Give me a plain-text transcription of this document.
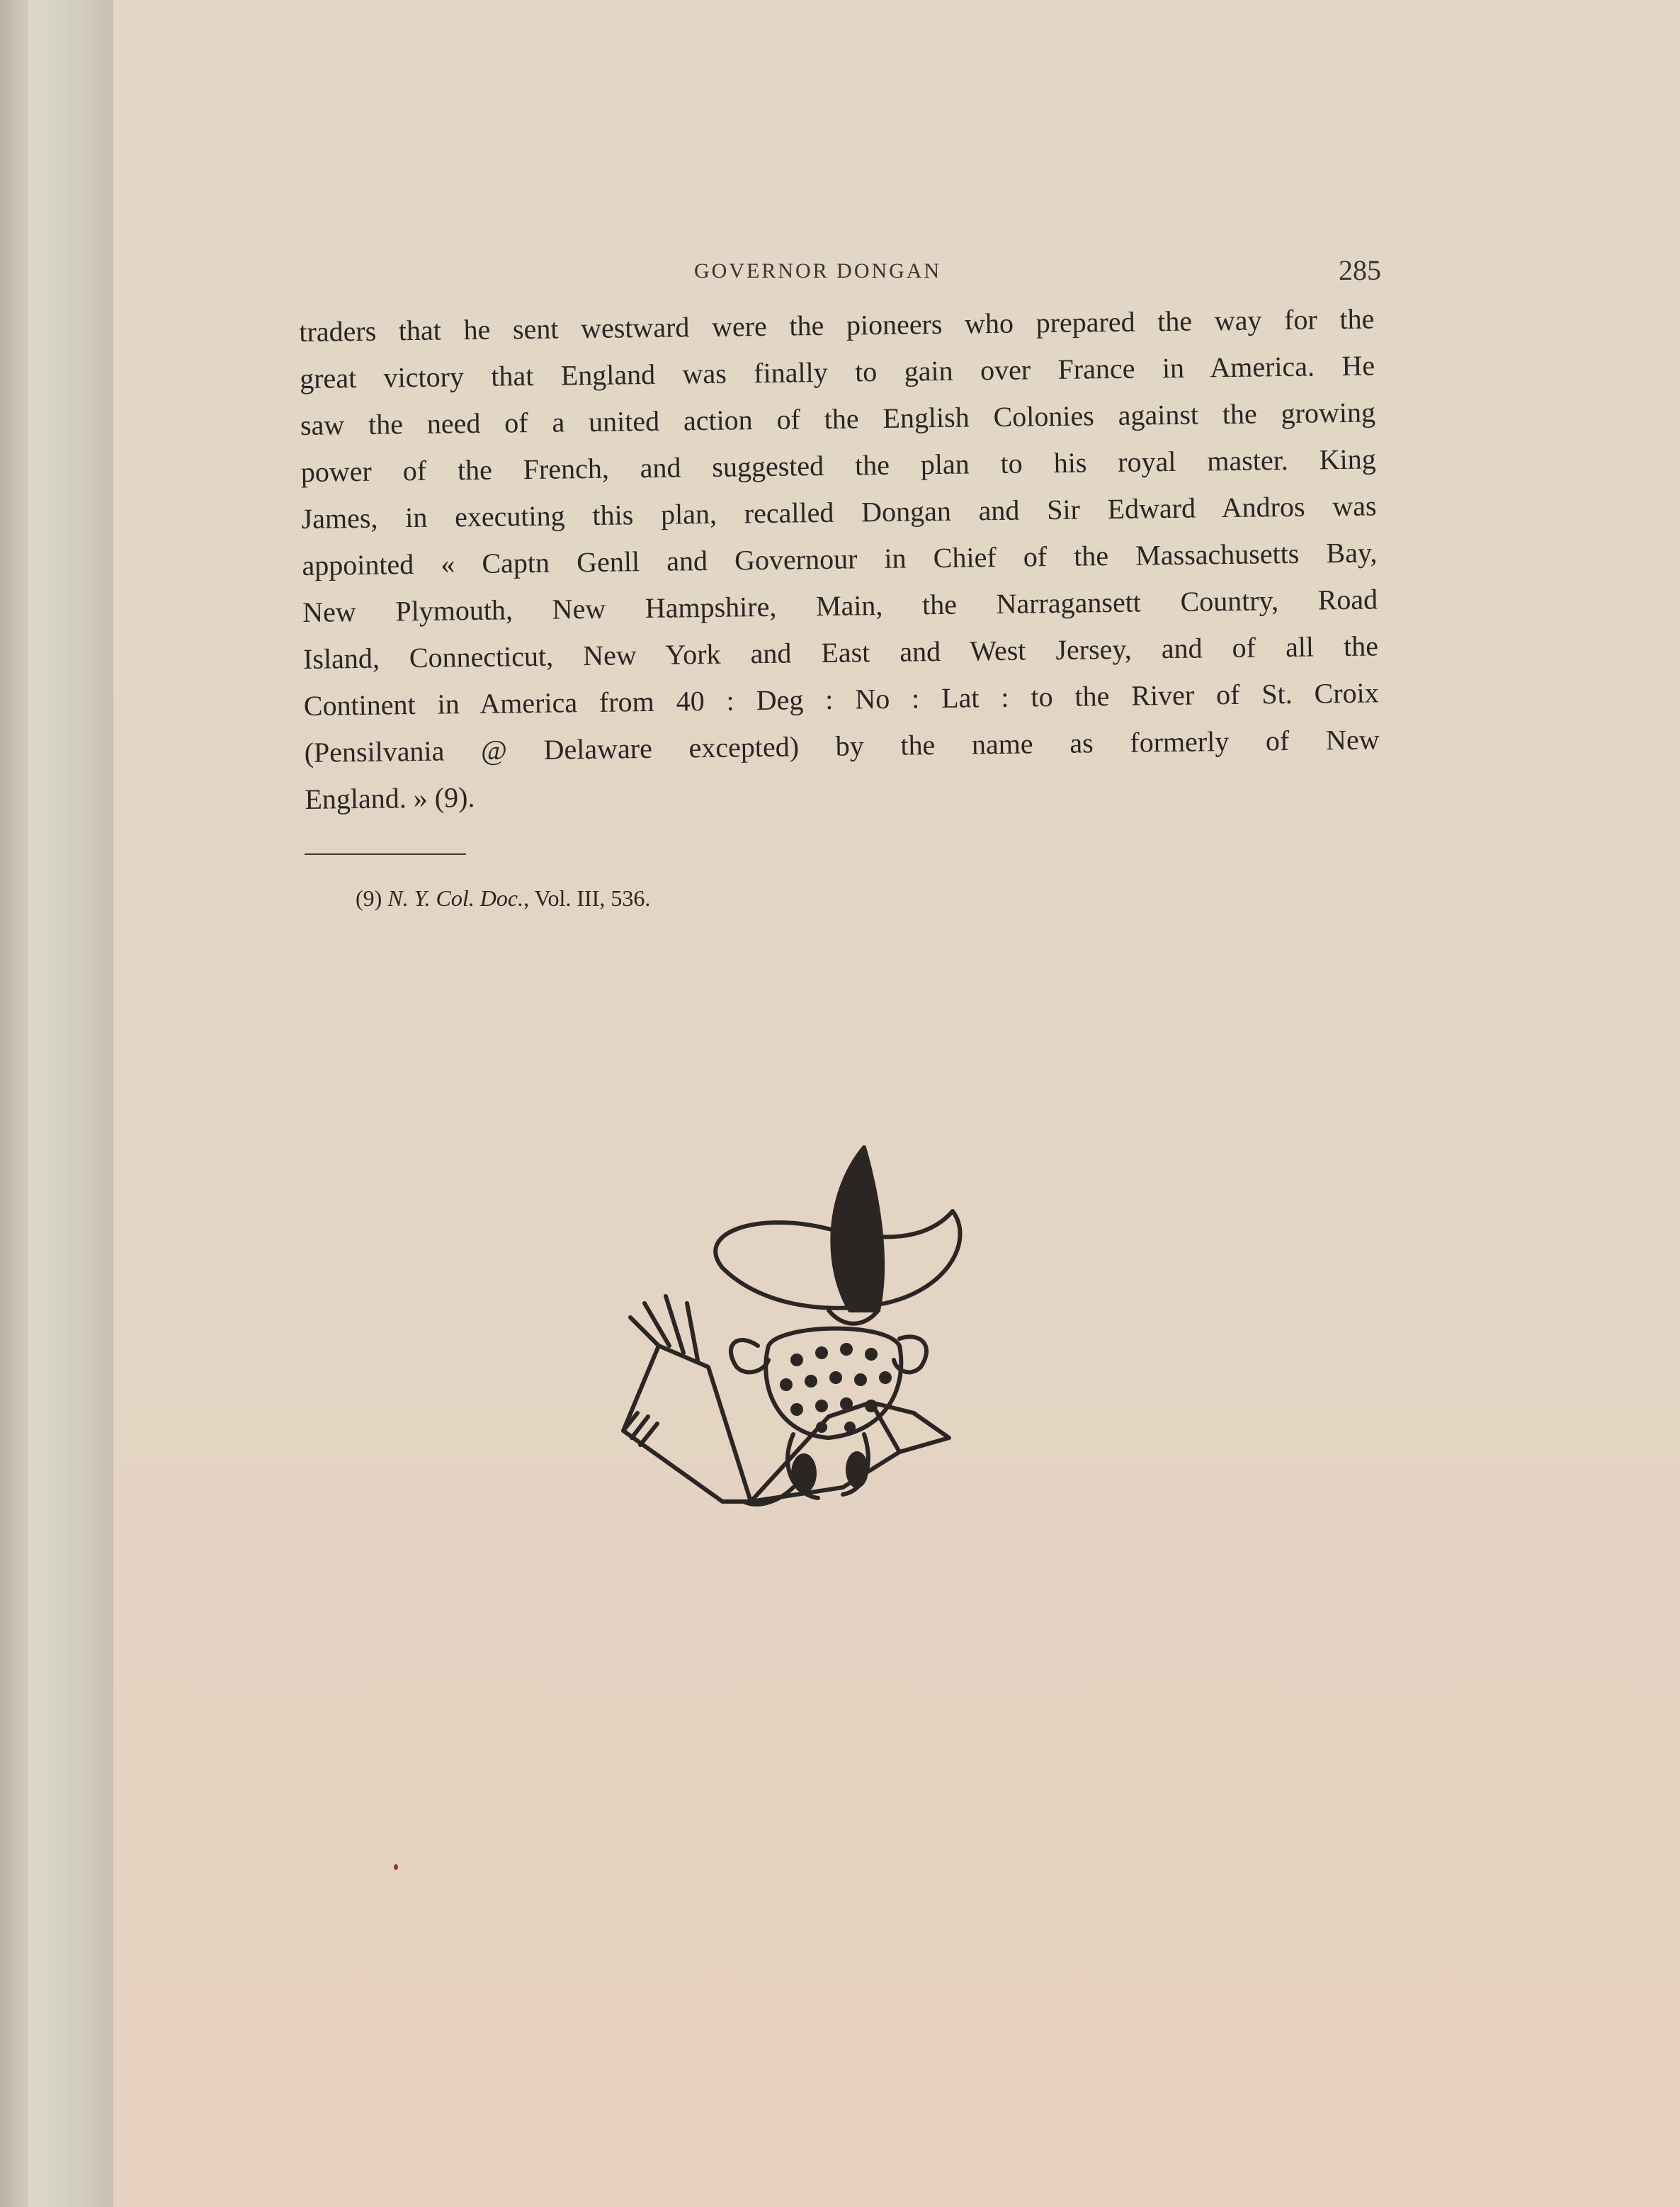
GOVERNOR DONGAN	285
traders that he sent westward were the pioneers who prepared the way for the
great victory that England was finally to gain over France in America. He
saw the need of a united action of the English Colonies against the growing
power of the French, and suggested the plan to his royal master. King
James, in executing this plan, recalled Dongan and Sir Edward Andros was
appointed « Captn Genll and Governour in Chief of the Massachusetts Bay,
New Plymouth, New Hampshire, Main, the Narragansett Country, Road
Island, Connecticut, New York and East and West Jersey, and of all the
Continent in America from 40 : Deg : No : Lat : to the River of St. Croix
(Pensilvania @ Delaware excepted) by the name as formerly of New
England. » (9).
(9) N. Y. Col. Doc., Vol. III, 536.
